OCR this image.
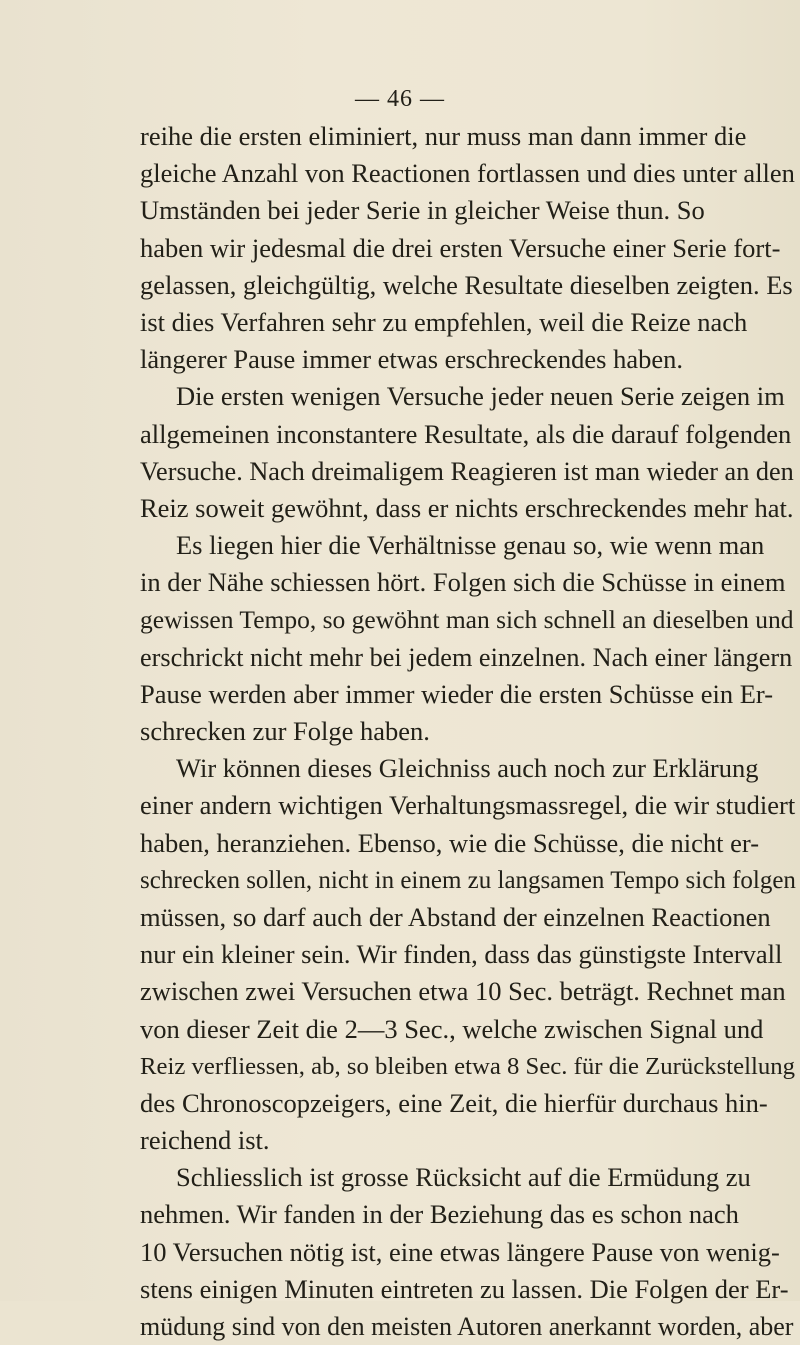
— 46 —
reihe die ersten eliminiert, nur muss man dann immer die
gleiche Anzahl von Reactionen fortlassen und dies unter allen
Umständen bei jeder Serie in gleicher Weise thun. So
haben wir jedesmal die drei ersten Versuche einer Serie fort-
gelassen, gleichgültig, welche Resultate dieselben zeigten. Es
ist dies Verfahren sehr zu empfehlen, weil die Reize nach
längerer Pause immer etwas erschreckendes haben.
Die ersten wenigen Versuche jeder neuen Serie zeigen im
allgemeinen inconstantere Resultate, als die darauf folgenden
Versuche. Nach dreimaligem Reagieren ist man wieder an den
Reiz soweit gewöhnt, dass er nichts erschreckendes mehr hat.
Es liegen hier die Verhältnisse genau so, wie wenn man
in der Nähe schiessen hört. Folgen sich die Schüsse in einem
gewissen Tempo, so gewöhnt man sich schnell an dieselben und
erschrickt nicht mehr bei jedem einzelnen. Nach einer längern
Pause werden aber immer wieder die ersten Schüsse ein Er-
schrecken zur Folge haben.
Wir können dieses Gleichniss auch noch zur Erklärung
einer andern wichtigen Verhaltungsmassregel, die wir studiert
haben, heranziehen. Ebenso, wie die Schüsse, die nicht er-
schrecken sollen, nicht in einem zu langsamen Tempo sich folgen
müssen, so darf auch der Abstand der einzelnen Reactionen
nur ein kleiner sein. Wir finden, dass das günstigste Intervall
zwischen zwei Versuchen etwa 10 Sec. beträgt. Rechnet man
von dieser Zeit die 2—3 Sec., welche zwischen Signal und
Reiz verfliessen, ab, so bleiben etwa 8 Sec. für die Zurückstellung
des Chronoscopzeigers, eine Zeit, die hierfür durchaus hin-
reichend ist.
Schliesslich ist grosse Rücksicht auf die Ermüdung zu
nehmen. Wir fanden in der Beziehung das es schon nach
10 Versuchen nötig ist, eine etwas längere Pause von wenig-
stens einigen Minuten eintreten zu lassen. Die Folgen der Er-
müdung sind von den meisten Autoren anerkannt worden, aber
